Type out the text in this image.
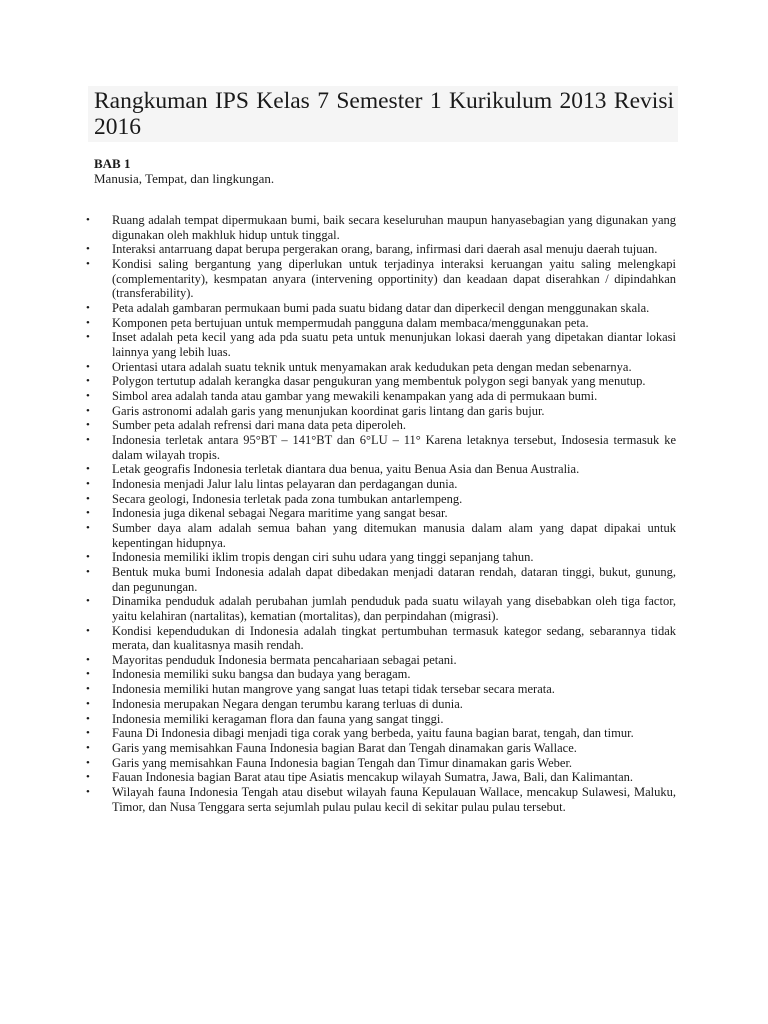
Rangkuman IPS Kelas 7 Semester 1 Kurikulum 2013 Revisi 2016

BAB 1

Manusia, Tempat, dan lingkungan.

•	Ruang adalah tempat dipermukaan bumi, baik secara keseluruhan maupun hanyasebagian yang digunakan yang digunakan oleh makhluk hidup untuk tinggal.
•	Interaksi antarruang dapat berupa pergerakan orang, barang, infirmasi dari daerah asal menuju daerah tujuan.
•	Kondisi saling bergantung yang diperlukan untuk terjadinya interaksi keruangan yaitu saling melengkapi (complementarity), kesmpatan anyara (intervening opportinity) dan keadaan dapat diserahkan / dipindahkan (transferability).
•	Peta adalah gambaran permukaan bumi pada suatu bidang datar dan diperkecil dengan menggunakan skala.
•	Komponen peta bertujuan untuk mempermudah pangguna dalam membaca/menggunakan peta.
•	Inset adalah peta kecil yang ada pda suatu peta untuk menunjukan lokasi daerah yang dipetakan diantar lokasi lainnya yang lebih luas.
•	Orientasi utara adalah suatu teknik untuk menyamakan arak kedudukan peta dengan medan sebenarnya.
•	Polygon tertutup adalah kerangka dasar pengukuran yang membentuk polygon segi banyak yang menutup.
•	Simbol area adalah tanda atau gambar yang mewakili kenampakan yang ada di permukaan bumi.
•	Garis astronomi adalah garis yang menunjukan koordinat garis lintang dan garis bujur.
•	Sumber peta adalah refrensi dari mana data peta diperoleh.
•	Indonesia terletak antara 95°BT – 141°BT dan 6°LU – 11° Karena letaknya tersebut, Indosesia termasuk ke dalam wilayah tropis.
•	Letak geografis Indonesia terletak diantara dua benua, yaitu Benua Asia dan Benua Australia.
•	Indonesia menjadi Jalur lalu lintas pelayaran dan perdagangan dunia.
•	Secara geologi, Indonesia terletak pada zona tumbukan antarlempeng.
•	Indonesia juga dikenal sebagai Negara maritime yang sangat besar.
•	Sumber daya alam adalah semua bahan yang ditemukan manusia dalam alam yang dapat dipakai untuk kepentingan hidupnya.
•	Indonesia memiliki iklim tropis dengan ciri suhu udara yang tinggi sepanjang tahun.
•	Bentuk muka bumi Indonesia adalah dapat dibedakan menjadi dataran rendah, dataran tinggi, bukut, gunung, dan pegunungan.
•	Dinamika penduduk adalah perubahan jumlah penduduk pada suatu wilayah yang disebabkan oleh tiga factor, yaitu kelahiran (nartalitas), kematian (mortalitas), dan perpindahan (migrasi).
•	Kondisi kependudukan di Indonesia adalah tingkat pertumbuhan termasuk kategor sedang, sebarannya tidak merata, dan kualitasnya masih rendah.
•	Mayoritas penduduk Indonesia bermata pencahariaan sebagai petani.
•	Indonesia memiliki suku bangsa dan budaya yang beragam.
•	Indonesia memiliki hutan mangrove yang sangat luas tetapi tidak tersebar secara merata.
•	Indonesia merupakan Negara dengan terumbu karang terluas di dunia.
•	Indonesia memiliki keragaman flora dan fauna yang sangat tinggi.
•	Fauna Di Indonesia dibagi menjadi tiga corak yang berbeda, yaitu fauna bagian barat, tengah, dan timur.
•	Garis yang memisahkan Fauna Indonesia bagian Barat dan Tengah dinamakan garis Wallace.
•	Garis yang memisahkan Fauna Indonesia bagian Tengah dan Timur dinamakan garis Weber.
•	Fauan Indonesia bagian Barat atau tipe Asiatis mencakup wilayah Sumatra, Jawa, Bali, dan Kalimantan.
•	Wilayah fauna Indonesia Tengah atau disebut wilayah fauna Kepulauan Wallace, mencakup Sulawesi, Maluku, Timor, dan Nusa Tenggara serta sejumlah pulau pulau kecil di sekitar pulau pulau tersebut.
